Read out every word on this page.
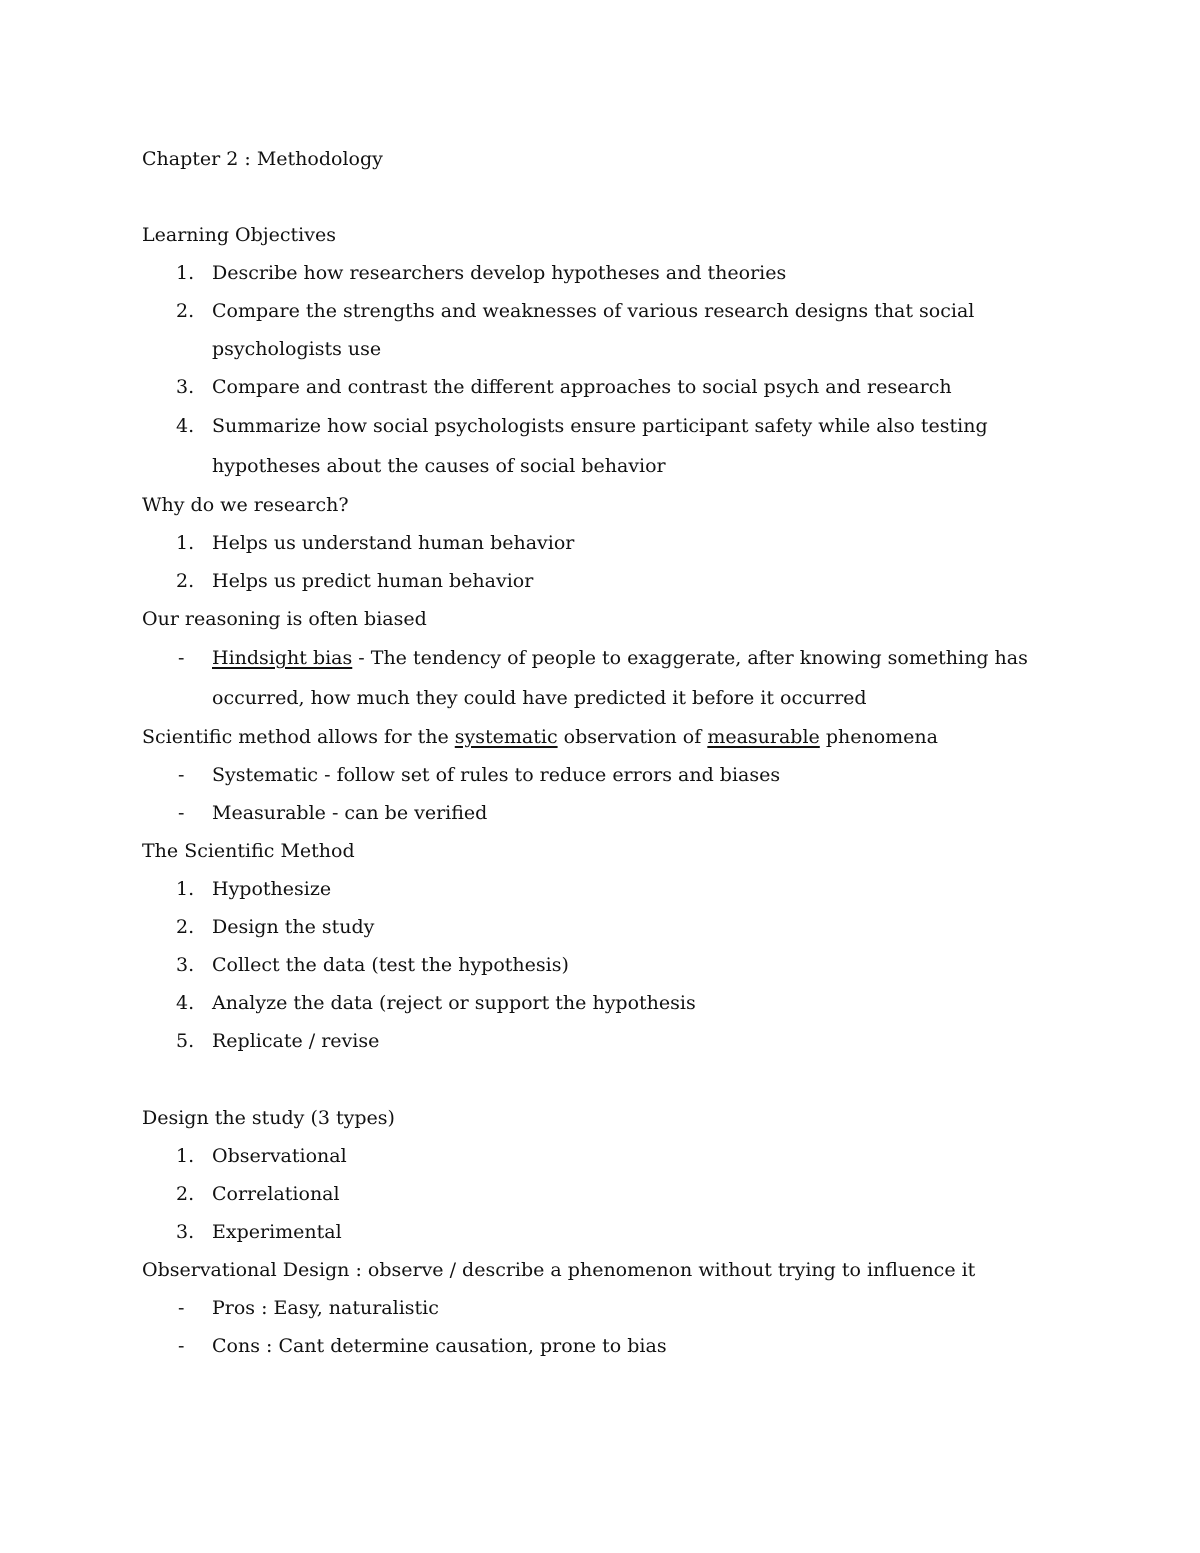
Chapter 2 : Methodology
Learning Objectives
1. Describe how researchers develop hypotheses and theories
2. Compare the strengths and weaknesses of various research designs that social psychologists use
3. Compare and contrast the different approaches to social psych and research
4. Summarize how social psychologists ensure participant safety while also testing hypotheses about the causes of social behavior
Why do we research?
1. Helps us understand human behavior
2. Helps us predict human behavior
Our reasoning is often biased
-	Hindsight bias - The tendency of people to exaggerate, after knowing something has occurred, how much they could have predicted it before it occurred
Scientific method allows for the systematic observation of measurable phenomena
-	Systematic - follow set of rules to reduce errors and biases
-	Measurable - can be verified
The Scientific Method
1. Hypothesize
2. Design the study
3. Collect the data (test the hypothesis)
4. Analyze the data (reject or support the hypothesis
5. Replicate / revise
Design the study (3 types)
1. Observational
2. Correlational
3. Experimental
Observational Design : observe / describe a phenomenon without trying to influence it
-	Pros : Easy, naturalistic
-	Cons : Cant determine causation, prone to bias
